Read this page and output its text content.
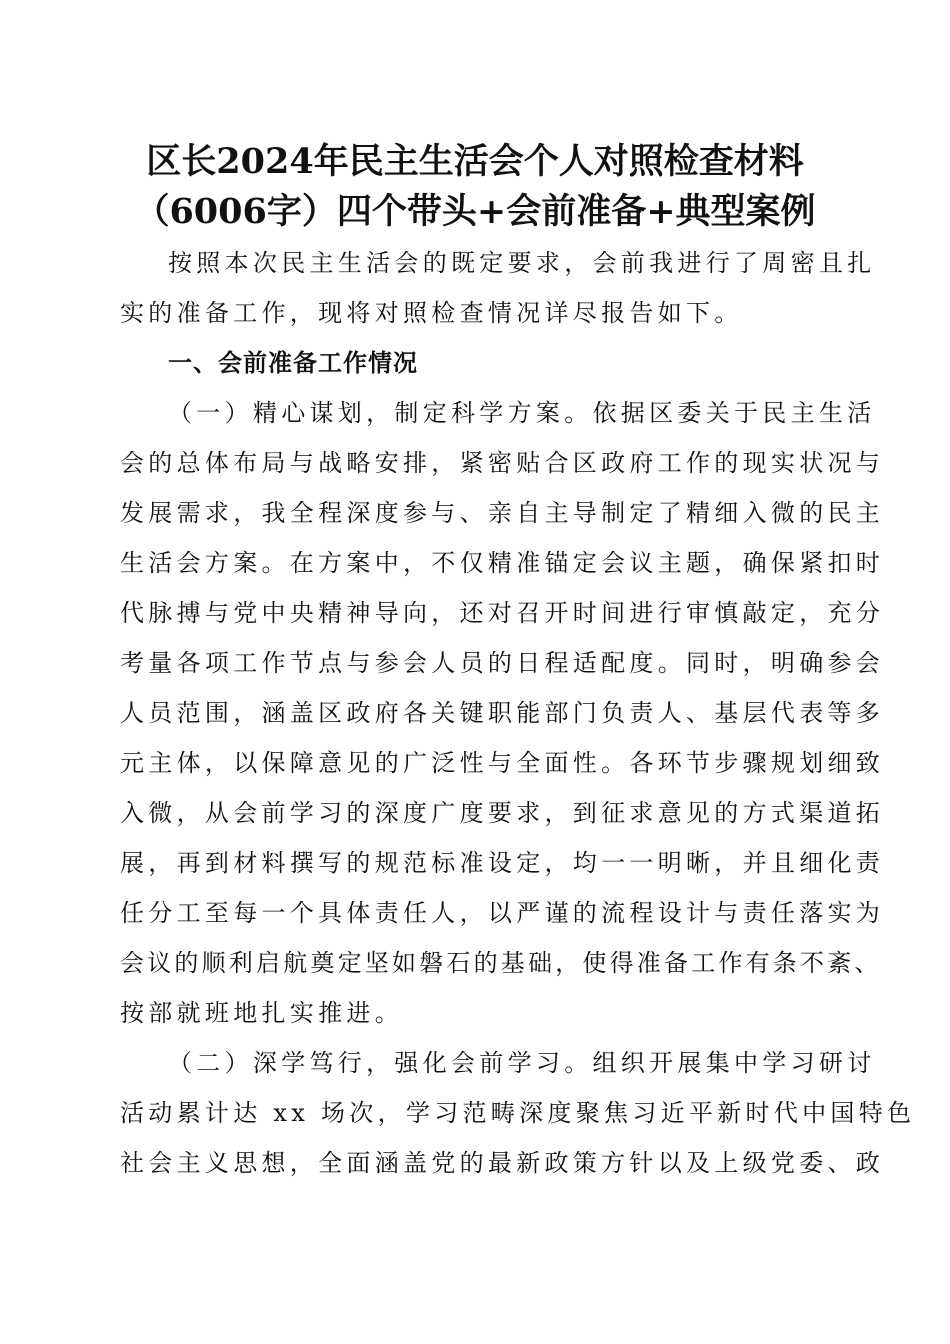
区长2024年民主生活会个人对照检查材料
（6006字）四个带头+会前准备+典型案例
按照本次民主生活会的既定要求，会前我进行了周密且扎
实的准备工作，现将对照检查情况详尽报告如下。
一、会前准备工作情况
（一）精心谋划，制定科学方案。依据区委关于民主生活
会的总体布局与战略安排，紧密贴合区政府工作的现实状况与
发展需求，我全程深度参与、亲自主导制定了精细入微的民主
生活会方案。在方案中，不仅精准锚定会议主题，确保紧扣时
代脉搏与党中央精神导向，还对召开时间进行审慎敲定，充分
考量各项工作节点与参会人员的日程适配度。同时，明确参会
人员范围，涵盖区政府各关键职能部门负责人、基层代表等多
元主体，以保障意见的广泛性与全面性。各环节步骤规划细致
入微，从会前学习的深度广度要求，到征求意见的方式渠道拓
展，再到材料撰写的规范标准设定，均一一明晰，并且细化责
任分工至每一个具体责任人，以严谨的流程设计与责任落实为
会议的顺利启航奠定坚如磐石的基础，使得准备工作有条不紊、
按部就班地扎实推进。
（二）深学笃行，强化会前学习。组织开展集中学习研讨
活动累计达 xx 场次，学习范畴深度聚焦习近平新时代中国特色
社会主义思想，全面涵盖党的最新政策方针以及上级党委、政
